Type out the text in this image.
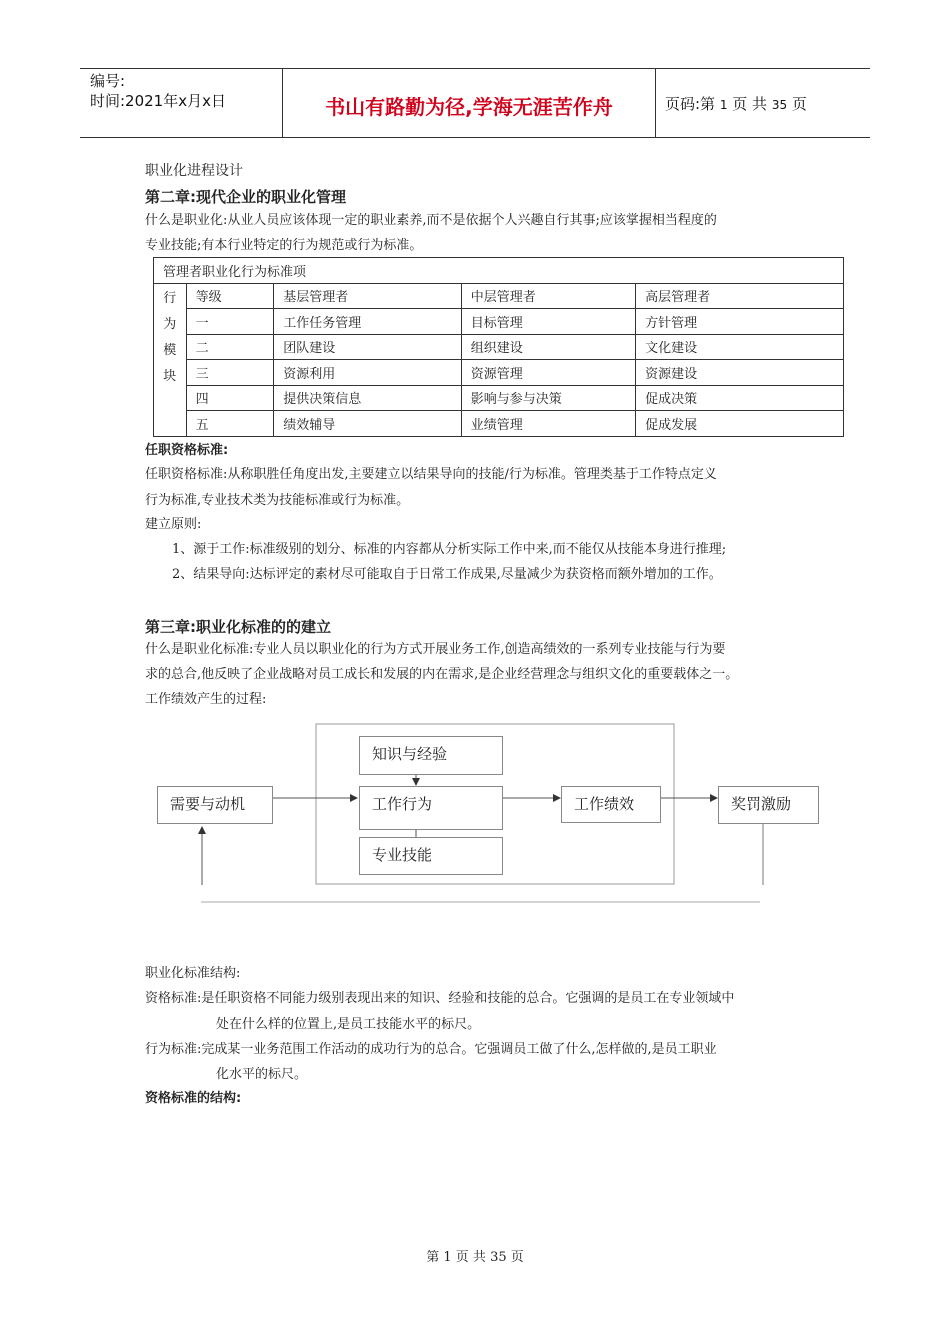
编号:
时间:2021年x月x日	书山有路勤为径,学海无涯苦作舟	页码:第 1 页 共 35 页
职业化进程设计
第二章:现代企业的职业化管理
什么是职业化:从业人员应该体现一定的职业素养,而不是依据个人兴趣自行其事;应该掌握相当程度的
专业技能;有本行业特定的行为规范或行为标准。
管理者职业化行为标准项				

行
为
模
块	等级	基层管理者	中层管理者	高层管理者
	一	工作任务管理	目标管理	方针管理
	二	团队建设	组织建设	文化建设
	三	资源利用	资源管理	资源建设
	四	提供决策信息	影响与参与决策	促成决策
	五	绩效辅导	业绩管理	促成发展
任职资格标准:
任职资格标准:从称职胜任角度出发,主要建立以结果导向的技能/行为标准。管理类基于工作特点定义
行为标准,专业技术类为技能标准或行为标准。
建立原则:
1、源于工作:标准级别的划分、标准的内容都从分析实际工作中来,而不能仅从技能本身进行推理;
2、结果导向:达标评定的素材尽可能取自于日常工作成果,尽量减少为获资格而额外增加的工作。
第三章:职业化标准的的建立
什么是职业化标准:专业人员以职业化的行为方式开展业务工作,创造高绩效的一系列专业技能与行为要
求的总合,他反映了企业战略对员工成长和发展的内在需求,是企业经营理念与组织文化的重要载体之一。
工作绩效产生的过程:
知识与经验
需要与动机	工作行为	工作绩效	奖罚激励
专业技能
职业化标准结构:
资格标准:是任职资格不同能力级别表现出来的知识、经验和技能的总合。它强调的是员工在专业领域中
处在什么样的位置上,是员工技能水平的标尺。
行为标准:完成某一业务范围工作活动的成功行为的总合。它强调员工做了什么,怎样做的,是员工职业
化水平的标尺。
资格标准的结构:
第 1 页 共 35 页
